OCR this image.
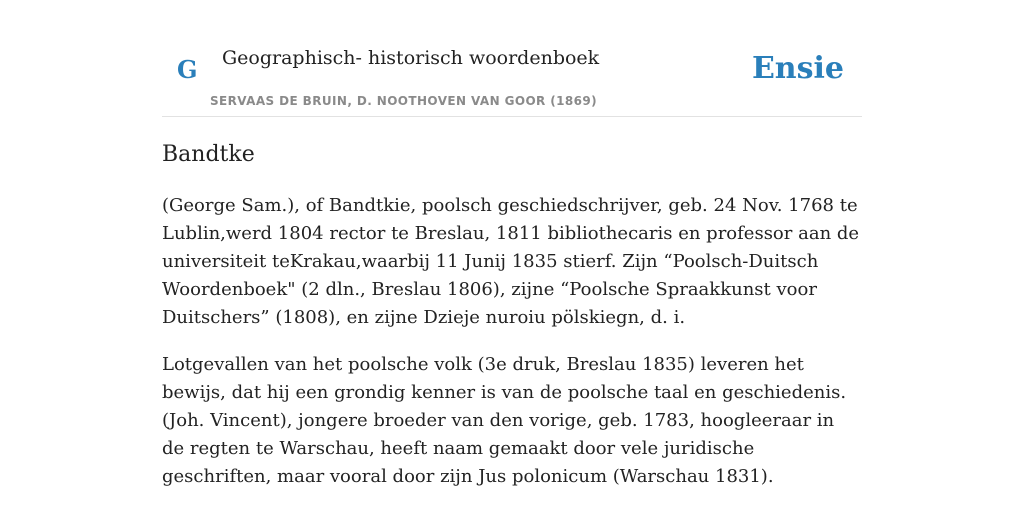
G Geographisch- historisch woordenboek
SERVAAS DE BRUIN, D. NOOTHOVEN VAN GOOR (1869)
Ensie
Bandtke

(George Sam.), of Bandtkie, poolsch geschiedschrijver, geb. 24 Nov. 1768 te Lublin,werd 1804 rector te Breslau, 1811 bibliothecaris en professor aan de universiteit teKrakau,waarbij 11 Junij 1835 stierf. Zijn “Poolsch-Duitsch Woordenboek" (2 dln., Breslau 1806), zijne “Poolsche Spraakkunst voor Duitschers” (1808), en zijne Dzieje nuroiu pölskiegn, d. i.

Lotgevallen van het poolsche volk (3e druk, Breslau 1835) leveren het bewijs, dat hij een grondig kenner is van de poolsche taal en geschiedenis.(Joh. Vincent), jongere broeder van den vorige, geb. 1783, hoogleeraar in de regten te Warschau, heeft naam gemaakt door vele juridische geschriften, maar vooral door zijn Jus polonicum (Warschau 1831).
